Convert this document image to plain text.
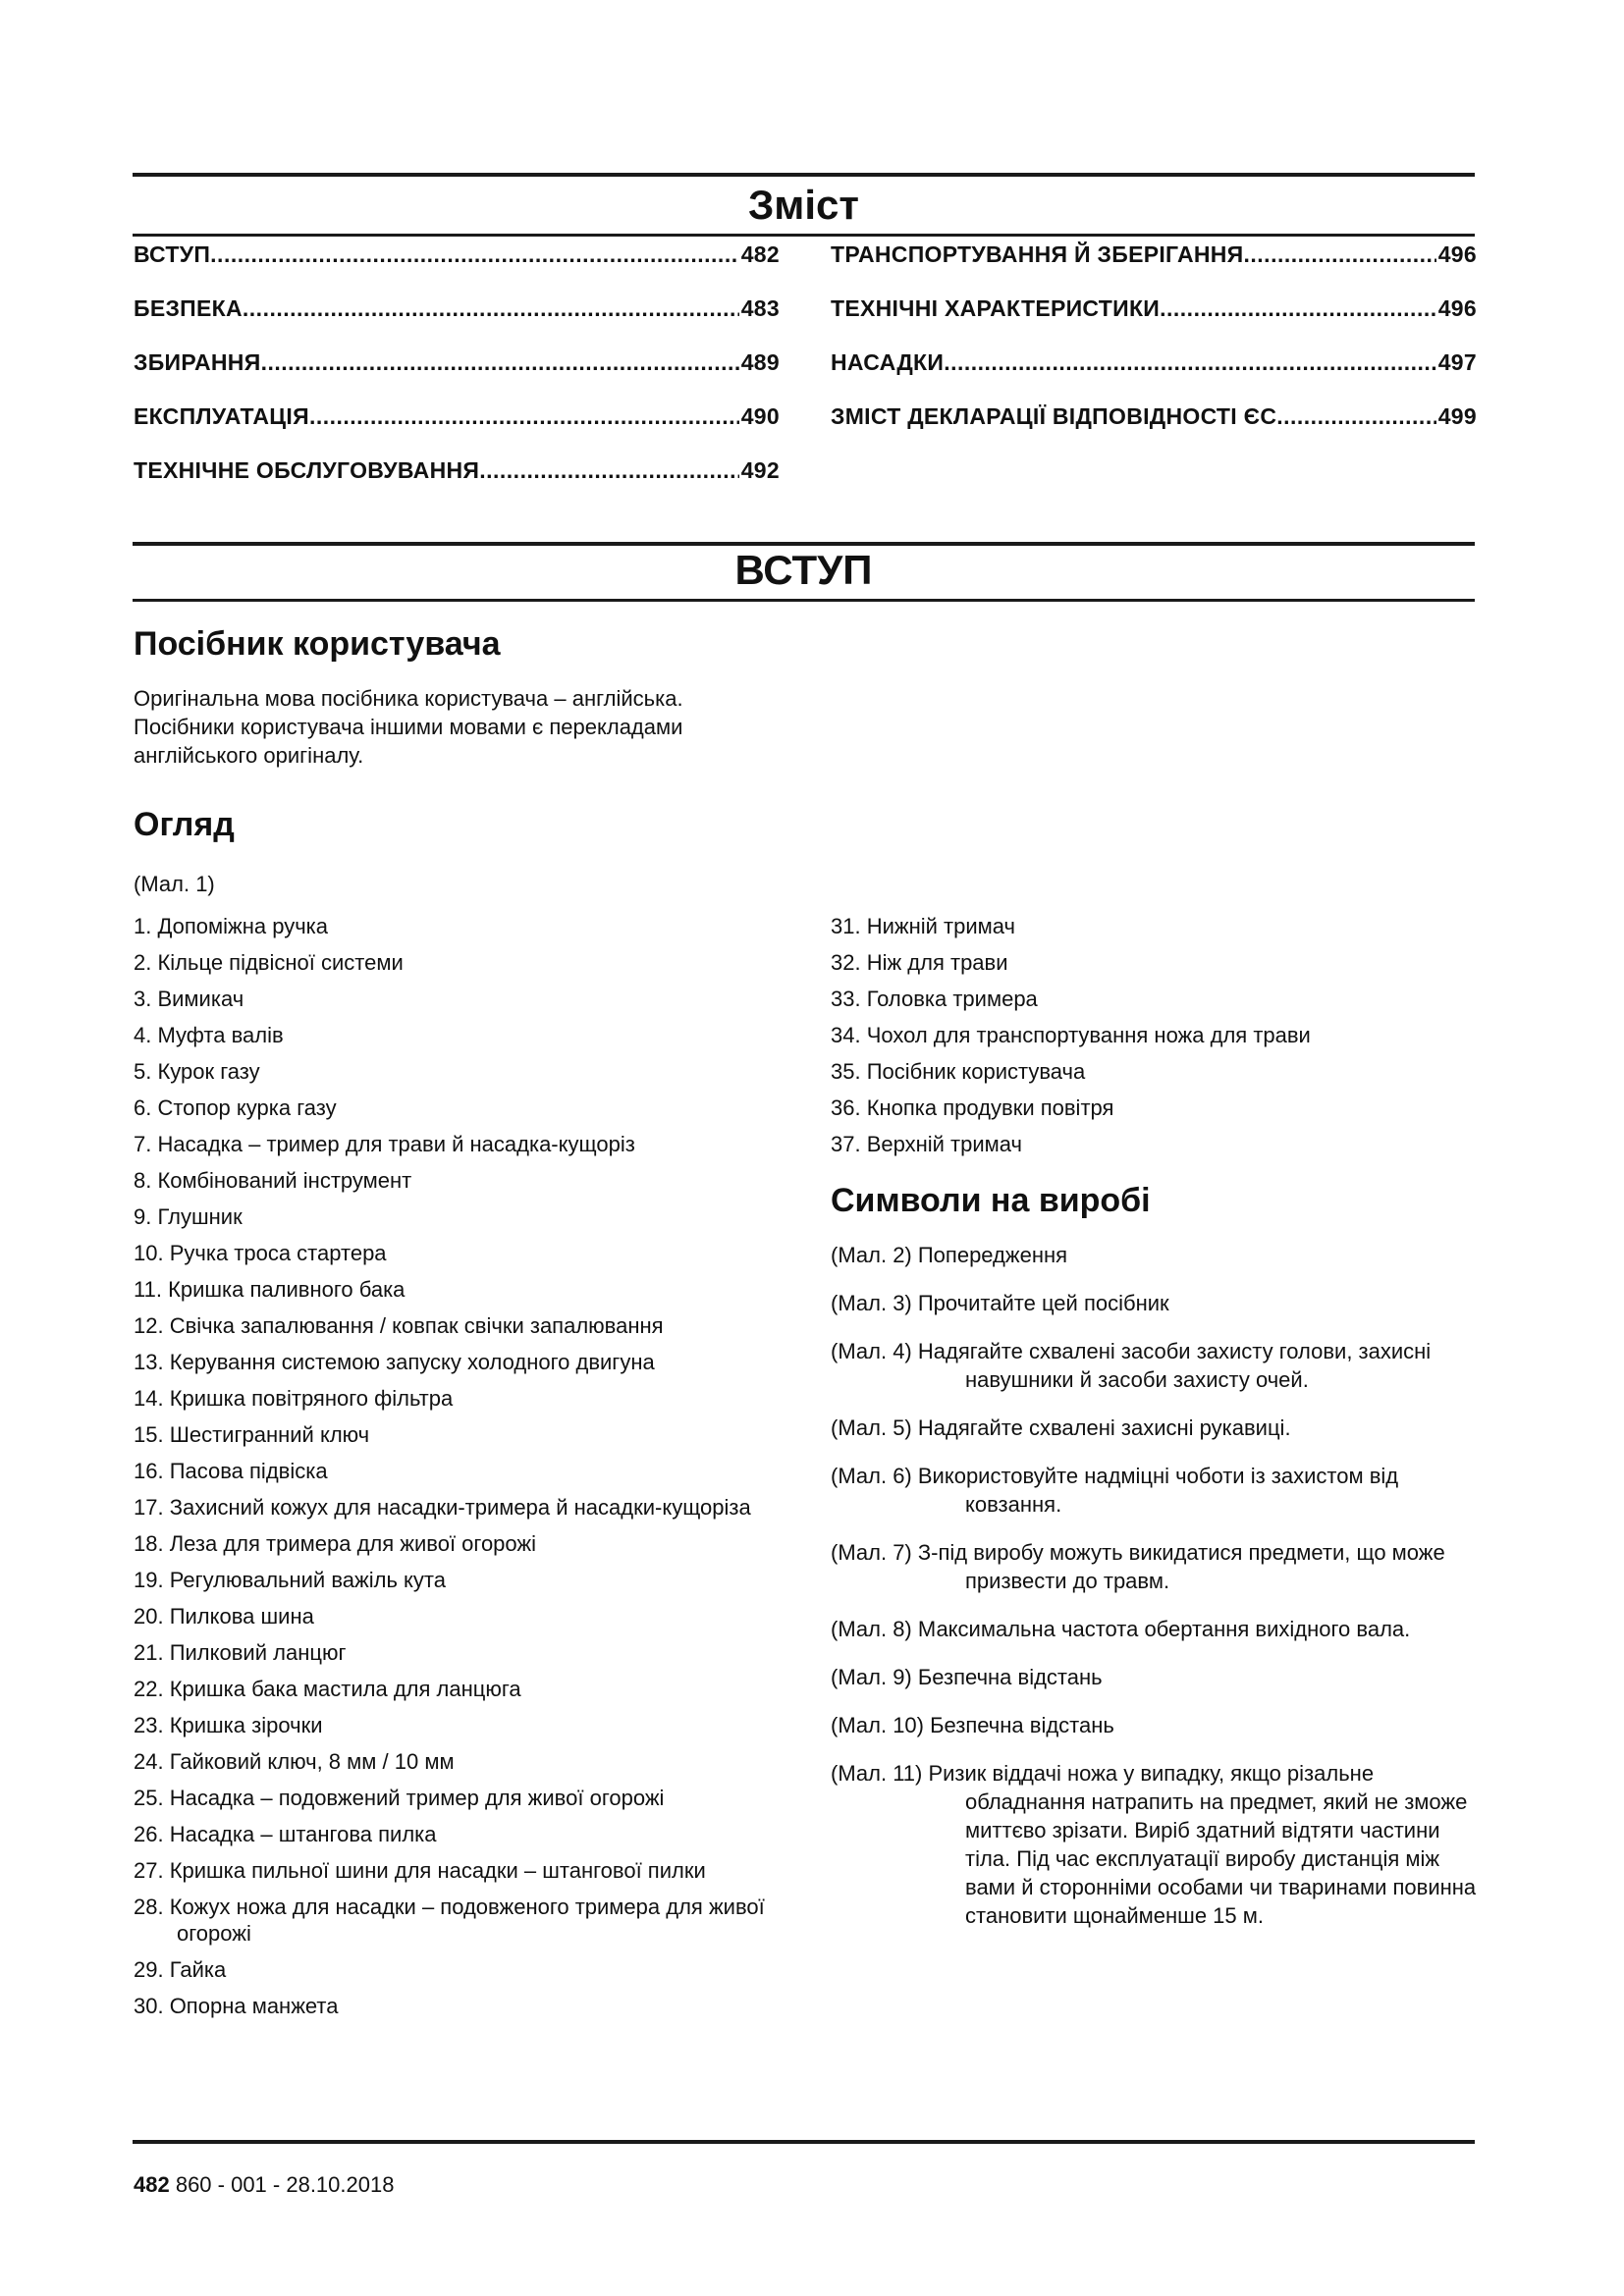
Зміст
ВСТУП .....	482
БЕЗПЕКА .....	483
ЗБИРАННЯ .....	489
ЕКСПЛУАТАЦІЯ .....	490
ТЕХНІЧНЕ ОБСЛУГОВУВАННЯ .....	492
ТРАНСПОРТУВАННЯ Й ЗБЕРІГАННЯ .....	496
ТЕХНІЧНІ ХАРАКТЕРИСТИКИ .....	496
НАСАДКИ .....	497
ЗМІСТ ДЕКЛАРАЦІЇ ВІДПОВІДНОСТІ ЄС .....	499
ВСТУП
Посібник користувача

Оригінальна мова посібника користувача – англійська. Посібники користувача іншими мовами є перекладами англійського оригіналу.

Огляд

(Мал. 1)

1. Допоміжна ручка
2. Кільце підвісної системи
3. Вимикач
4. Муфта валів
5. Курок газу
6. Стопор курка газу
7. Насадка – тример для трави й насадка-кущоріз
8. Комбінований інструмент
9. Глушник
10. Ручка троса стартера
11. Кришка паливного бака
12. Свічка запалювання / ковпак свічки запалювання
13. Керування системою запуску холодного двигуна
14. Кришка повітряного фільтра
15. Шестигранний ключ
16. Пасова підвіска
17. Захисний кожух для насадки-тримера й насадки-кущоріза
18. Леза для тримера для живої огорожі
19. Регулювальний важіль кута
20. Пилкова шина
21. Пилковий ланцюг
22. Кришка бака мастила для ланцюга
23. Кришка зірочки
24. Гайковий ключ, 8 мм / 10 мм
25. Насадка – подовжений тример для живої огорожі
26. Насадка – штангова пилка
27. Кришка пильної шини для насадки – штангової пилки
28. Кожух ножа для насадки – подовженого тримера для живої огорожі
29. Гайка
30. Опорна манжета
31. Нижній тримач
32. Ніж для трави
33. Головка тримера
34. Чохол для транспортування ножа для трави
35. Посібник користувача
36. Кнопка продувки повітря
37. Верхній тримач
Символи на виробі
(Мал. 2) Попередження
(Мал. 3) Прочитайте цей посібник
(Мал. 4) Надягайте схвалені засоби захисту голови, захисні навушники й засоби захисту очей.
(Мал. 5) Надягайте схвалені захисні рукавиці.
(Мал. 6) Використовуйте надміцні чоботи із захистом від ковзання.
(Мал. 7) З-під виробу можуть викидатися предмети, що може призвести до травм.
(Мал. 8) Максимальна частота обертання вихідного вала.
(Мал. 9) Безпечна відстань
(Мал. 10) Безпечна відстань
(Мал. 11) Ризик віддачі ножа у випадку, якщо різальне обладнання натрапить на предмет, який не зможе миттєво зрізати. Виріб здатний відтяти частини тіла. Під час експлуатації виробу дистанція між вами й сторонніми особами чи тваринами повинна становити щонайменше 15 м.
482 860 - 001 - 28.10.2018
